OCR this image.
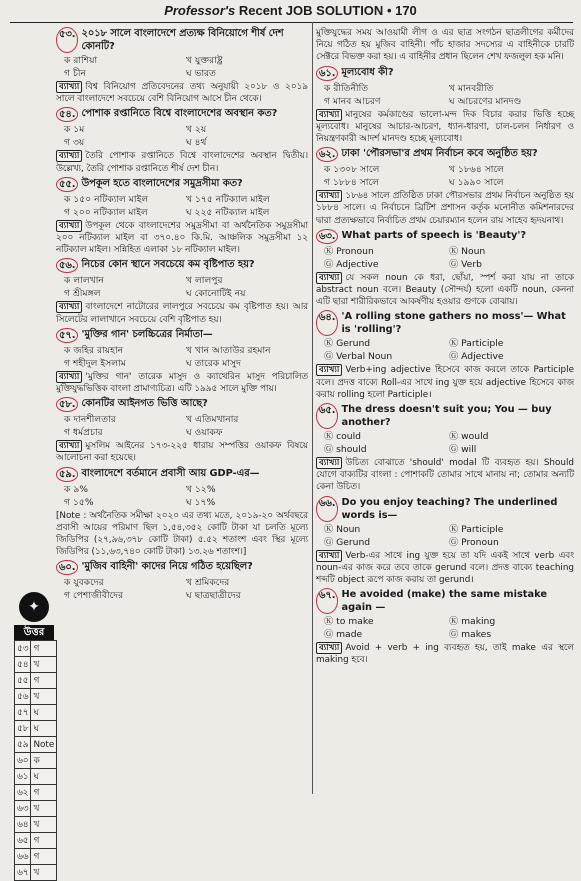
Professor's Recent JOB SOLUTION • 170
৫৩. ২০১৮ সালে বাংলাদেশে প্রত্যক্ষ বিনিয়োগে শীর্ষ দেশ কোনটি?
ক রাশিয়া	খ যুক্তরাষ্ট্র
গ চীন	ঘ ভারত
ব্যাখ্যা বিশ্ব বিনিয়োগ প্রতিবেদনের তথ্য অনুযায়ী ২০১৮ ও ২০১৯ সালে বাংলাদেশে সবচেয়ে বেশি বিনিয়োগ আসে চীন থেকে।
৫৪. পোশাক রপ্তানিতে বিশ্বে বাংলাদেশের অবস্থান কত?
ক ১ম	খ ২য়
গ ৩য়	ঘ ৪র্থ
ব্যাখ্যা তৈরি পোশাক রপ্তানিতে বিশ্বে বাংলাদেশের অবস্থান দ্বিতীয়। উল্লেখ্য, তৈরি পোশাক রপ্তানিতে শীর্ষ দেশ চীন।
৫৫. উপকূল হতে বাংলাদেশের সমুদ্রসীমা কত?
ক ১৫০ নটিক্যাল মাইল	খ ১৭৫ নটিক্যাল মাইল
গ ২০০ নটিক্যাল মাইল	ঘ ২২৫ নটিক্যাল মাইল
ব্যাখ্যা উপকূল থেকে বাংলাদেশের সমুদ্রসীমা বা অর্থনৈতিক সমুদ্রসীমা ২০০ নটিক্যাল মাইল বা ৩৭০.৪০ কি.মি. আঞ্চলিক সমুদ্রসীমা ১২ নটিক্যাল মাইল। সন্নিহিত এলাকা ১৮ নটিক্যাল মাইল।
৫৬. নিচের কোন স্থানে সবচেয়ে কম বৃষ্টিপাত হয়?
ক লালখান	খ লালপুর
গ শ্রীমঙ্গল	ঘ কোনোটিই নয়
ব্যাখ্যা বাংলাদেশে নাটোরের লালপুরে সবচেয়ে কম বৃষ্টিপাত হয়। আর সিলেটের লালাখানে সবচেয়ে বেশি বৃষ্টিপাত হয়।
৫৭. 'মুক্তির গান' চলচ্চিত্রের নির্মাতা—
ক জহির রায়হান	খ খান আতাউর রহমান
গ শহীদুল ইসলাম	ঘ তারেক মাসুদ
ব্যাখ্যা 'মুক্তির গান' তারেক মাসুদ ও ক্যাথেরিন মাসুদ পরিচালিত মুক্তিযুদ্ধভিত্তিক বাংলা প্রামাণ্যচিত্র। এটি ১৯৯৫ সালে মুক্তি পায়।
৫৮. কোনটির আইনগত ভিত্তি আছে?
ক দানশীলতার	খ এতিমখানার
গ ধর্মপ্রচার	ঘ ওয়াকফ
ব্যাখ্যা মুসলিম আইনের ১৭৩-২২৫ ধারায় সম্পত্তির ওয়াকফ বিষয়ে আলোচনা করা হয়েছে।
৫৯. বাংলাদেশে বর্তমানে প্রবাসী আয় GDP-এর—
ক ৯%	খ ১২%
গ ১৫%	ঘ ১৭%
[Note : অর্থনৈতিক সমীক্ষা ২০২০ এর তথ্য মতে, ২০১৯-২০ অর্থবছরে প্রবাসী আয়ের পরিমাণ ছিল ১,৫৪,৩৫২ কোটি টাকা যা চলতি মূল্যে জিডিপির (২৭,৯৬,৩৭৮ কোটি টাকা) ৫.৫২ শতাংশ এবং স্থির মূল্যে জিডিপির (১১,৬৩,৭৪০ কোটি টাকা) ১৩.২৬ শতাংশ।]
৬০. 'মুজিব বাহিনী' কাদের নিয়ে গঠিত হয়েছিল?
ক যুবকদের	খ শ্রমিকদের
গ পেশাজীবীদের	ঘ ছাত্রছাত্রীদের
মুক্তিযুদ্ধের সময় আওয়ামী লীগ ও এর ছাত্র সংগঠন ছাত্রলীগের কর্মীদের নিয়ে গঠিত হয় মুজিব বাহিনী। পাঁচ হাজার সদস্যের এ বাহিনীকে চারটি সেক্টরে বিভক্ত করা হয়। এ বাহিনীর প্রধান ছিলেন শেখ ফজলুল হক মনি।
৬১. মূল্যবোধ কী?
ক রীতিনীতি	খ মানবরীতি
গ মানব আচরণ	ঘ আচরণের মানদণ্ড
ব্যাখ্যা মানুষের কর্মকাণ্ডের ভালো-মন্দ দিক বিচার করার ভিত্তি হচ্ছে মূল্যবোধ। মানুষের আচার-আচরণ, ধ্যান-ধারণা, চাল-চলন নির্ধারণ ও নিয়ন্ত্রণকারী আদর্শ মানদণ্ড হচ্ছে মূল্যবোধ।
৬২. ঢাকা 'পৌরসভা'র প্রথম নির্বাচন কবে অনুষ্ঠিত হয়?
ক ১৩০৮ সালে	খ ১৮৬৪ সালে
গ ১৮৮৪ সালে	ঘ ১৯৯০ সালে
ব্যাখ্যা ১৮৬৪ সালে প্রতিষ্ঠিত ঢাকা পৌরসভার প্রথম নির্বাচন অনুষ্ঠিত হয় ১৮৮৪ সালে। এ নির্বাচনে ব্রিটিশ প্রশাসন কর্তৃক মনোনীত কমিশনারদের দ্বারা প্রত্যক্ষভাবে নির্বাচিত প্রথম চেয়ারম্যান হলেন রায় সাহেব হৃদয়নাথ।
৬৩. What parts of speech is 'Beauty'?
Ⓚ Pronoun	Ⓚ Noun
Ⓖ Adjective	Ⓖ Verb
ব্যাখ্যা যে সকল noun কে ধরা, ছোঁয়া, স্পর্শ করা যায় না তাকে abstract noun বলে। Beauty (সৌন্দর্য) হলো একটি noun, কেননা এটি ছারা শারীরিকভাবে আকর্ষণীয় হওয়ার গুণকে বোঝায়।
৬৪. 'A rolling stone gathers no moss'— What is 'rolling'?
Ⓚ Gerund	Ⓚ Participle
Ⓖ Verbal Noun	Ⓖ Adjective
ব্যাখ্যা Verb+ing adjective হিসেবে কাজ করলে তাকে Participle বলে। প্রদত্ত বাক্যে Roll-এর সাথে ing যুক্ত হয়ে adjective হিসেবে কাজ করায় rolling হলো Participle।
৬৫. The dress doesn't suit you; You — buy another?
Ⓚ could	Ⓚ would
Ⓖ should	Ⓖ will
ব্যাখ্যা উচিত্য বোঝাতে 'should' modal টি ব্যবহৃত হয়। Should যোগে বাক্যটির বাংলা : পোশাকটি তোমার সাথে মানায় না; তোমার অন্যটি কেনা উচিত।
৬৬. Do you enjoy teaching? The underlined words is—
Ⓚ Noun	Ⓚ Participle
Ⓖ Gerund	Ⓖ Pronoun
ব্যাখ্যা Verb-এর সাথে ing যুক্ত হয়ে তা যদি একই সাথে verb এবং noun-এর কাজ করে তবে তাকে gerund বলে। প্রদত্ত বাক্যে teaching শব্দটি object রূপে কাজ করায় তা gerund।
৬৭. He avoided (make) the same mistake again —
Ⓚ to make	Ⓚ making
Ⓖ made	Ⓖ makes
ব্যাখ্যা Avoid + verb + ing ব্যবহৃত হয়, তাই make এর স্থলে making হবে।
✦
উত্তর
৫৩	গ
৫৪	খ
৫৫	গ
৫৬	খ
৫৭	ঘ
৫৮	ঘ
৫৯	Note
৬০	ক
৬১	ঘ
৬২	গ
৬৩	খ
৬৪	খ
৬৫	গ
৬৬	গ
৬৭	খ
